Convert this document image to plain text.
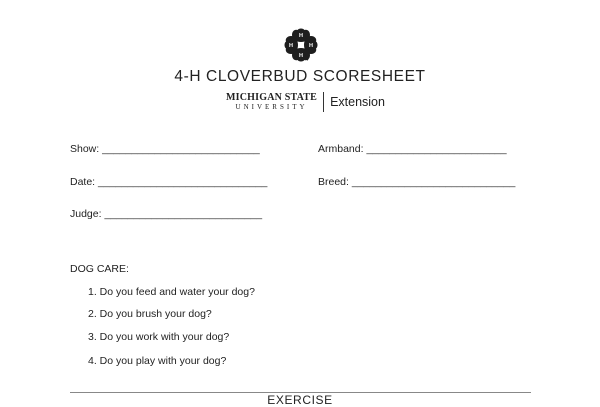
H
H
H
H
4-H CLOVERBUD SCORESHEET
MICHIGAN STATE
UNIVERSITY Extension
Show: ___________________________	Armband: ________________________
Date: _____________________________	Breed: ____________________________
Judge: ___________________________
DOG CARE:
1. Do you feed and water your dog?
2. Do you brush your dog?
3. Do you work with your dog?
4. Do you play with your dog?
EXERCISE
